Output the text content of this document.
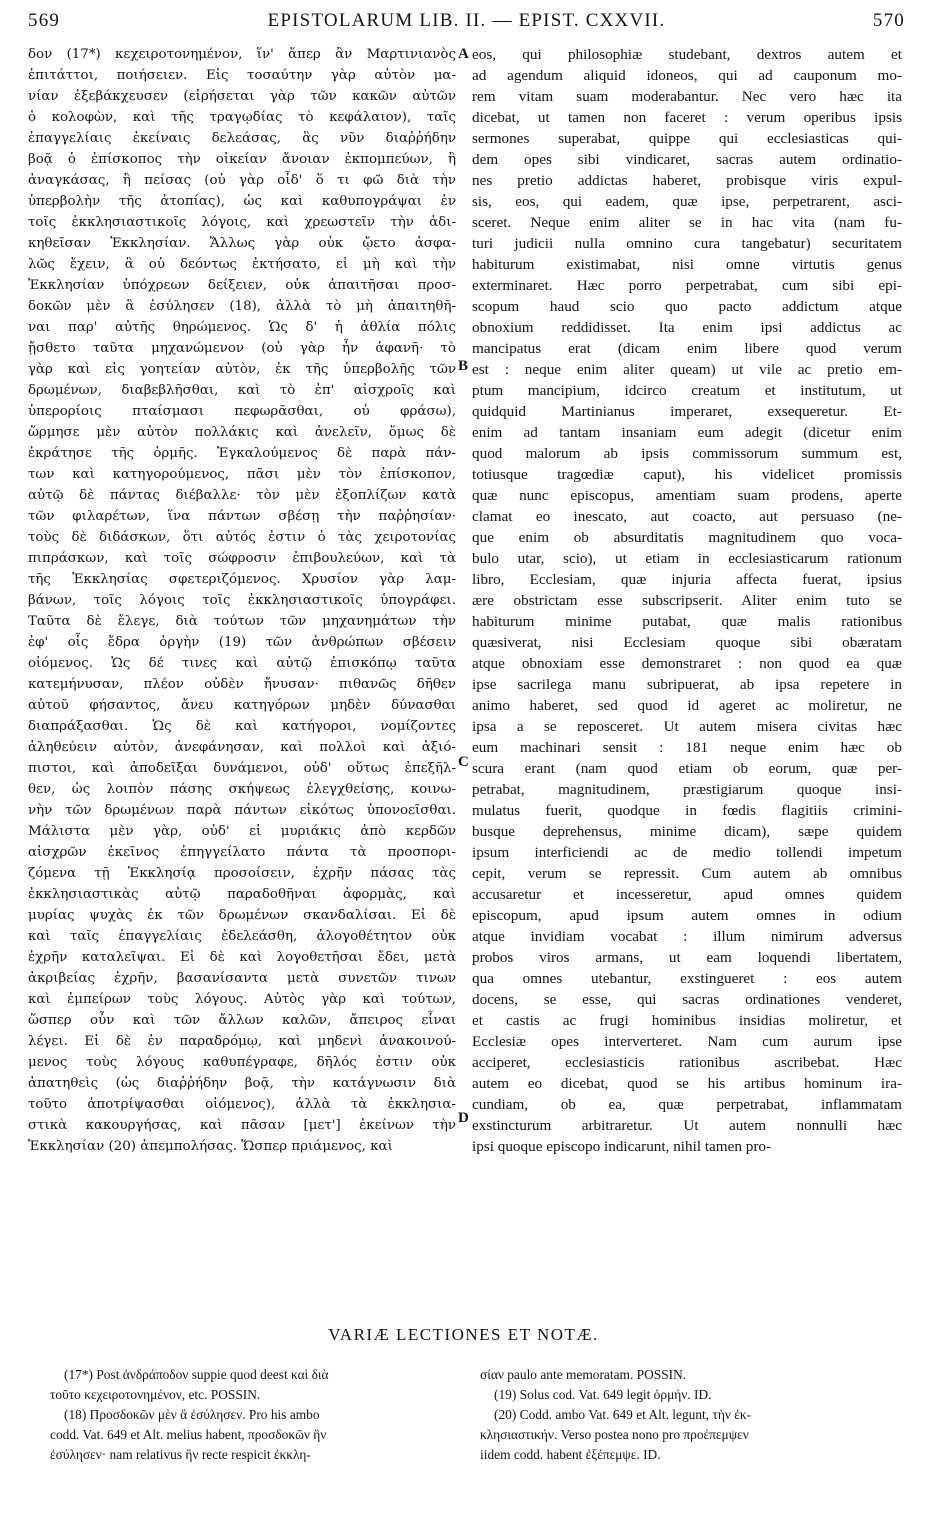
569	EPISTOLARUM LIB. II. — EPIST. CXXVII.	570
δον (17*) κεχειροτονημένον, ἵν' ἅπερ ἂν Μαρτινιανὸς
ἐπιτάττοι, ποιήσειεν. Εἰς τοσαύτην γὰρ αὐτὸν μα-
νίαν ἐξεβάκχευσεν (εἰρήσεται γὰρ τῶν κακῶν αὐτῶν
ὁ κολοφὼν, καὶ τῆς τραγῳδίας τὸ κεφάλαιον), ταῖς
ἐπαγγελίαις ἐκείναις δελεάσας, ἃς νῦν διαῤῥήδην
βοᾷ ὁ ἐπίσκοπος τὴν οἰκείαν ἄνοιαν ἐκπομπεύων, ἢ
ἀναγκάσας, ἢ πείσας (οὐ γὰρ οἶδ' ὅ τι φῶ διὰ τὴν
ὑπερβολὴν τῆς ἀτοπίας), ὡς καὶ καθυπογράψαι ἐν
τοῖς ἐκκλησιαστικοῖς λόγοις, καὶ χρεωστεῖν τὴν ἀδι-
κηθεῖσαν Ἐκκλησίαν. Ἄλλως γὰρ οὐκ ᾤετο ἀσφα-
λῶς ἔχειν, ἃ οὐ δεόντως ἐκτήσατο, εἰ μὴ καὶ τὴν
Ἐκκλησίαν ὑπόχρεων δείξειεν, οὐκ ἀπαιτῆσαι προσ-
δοκῶν μὲν ἃ ἐσύλησεν (18), ἀλλὰ τὸ μὴ ἀπαιτηθῆ-
ναι παρ' αὐτῆς θηρώμενος. Ὡς δ' ἡ ἀθλία πόλις
ᾔσθετο ταῦτα μηχανώμενον (οὐ γὰρ ἦν ἀφανῆ· τὸ
γὰρ καὶ εἰς γοητείαν αὐτὸν, ἐκ τῆς ὑπερβολῆς τῶν
δρωμένων, διαβεβλῆσθαι, καὶ τὸ ἐπ' αἰσχροῖς καὶ
ὑπερορίοις πταίσμασι πεφωρᾶσθαι, οὐ φράσω),
ὥρμησε μὲν αὐτὸν πολλάκις καὶ ἀνελεῖν, ὅμως δὲ
ἐκράτησε τῆς ὁρμῆς. Ἐγκαλούμενος δὲ παρὰ πάν-
των καὶ κατηγορούμενος, πᾶσι μὲν τὸν ἐπίσκοπον,
αὐτῷ δὲ πάντας διέβαλλε· τὸν μὲν ἐξοπλίζων κατὰ
τῶν φιλαρέτων, ἵνα πάντων σβέσῃ τὴν παῤῥησίαν·
τοὺς δὲ διδάσκων, ὅτι αὐτός ἐστιν ὁ τὰς χειροτονίας
πιπράσκων, καὶ τοῖς σώφροσιν ἐπιβουλεύων, καὶ τὰ
τῆς Ἐκκλησίας σφετεριζόμενος. Χρυσίον γὰρ λαμ-
βάνων, τοῖς λόγοις τοῖς ἐκκλησιαστικοῖς ὑπογράφει.
Ταῦτα δὲ ἔλεγε, διὰ τούτων τῶν μηχανημάτων τὴν
ἐφ' οἷς ἔδρα ὀργὴν (19) τῶν ἀνθρώπων σβέσειν
οἰόμενος. Ὡς δέ τινες καὶ αὐτῷ ἐπισκόπῳ ταῦτα
κατεμήνυσαν, πλέον οὐδὲν ἤνυσαν· πιθανῶς δῆθεν
αὐτοῦ φήσαντος, ἄνευ κατηγόρων μηδὲν δύνασθαι
διαπράξασθαι. Ὡς δὲ καὶ κατήγοροι, νομίζοντες
ἀληθεύειν αὐτὸν, ἀνεφάνησαν, καὶ πολλοὶ καὶ ἀξιό-
πιστοι, καὶ ἀποδεῖξαι δυνάμενοι, οὐδ' οὕτως ἐπεξῆλ-
θεν, ὡς λοιπὸν πάσης σκήψεως ἐλεγχθείσης, κοινω-
νὴν τῶν δρωμένων παρὰ πάντων εἰκότως ὑπονοεῖσθαι.
Μάλιστα μὲν γὰρ, οὐδ' εἰ μυριάκις ἀπὸ κερδῶν
αἰσχρῶν ἐκεῖνος ἐπηγγείλατο πάντα τὰ προσπορι-
ζόμενα τῇ Ἐκκλησίᾳ προσοίσειν, ἐχρῆν πάσας τὰς
ἐκκλησιαστικὰς αὐτῷ παραδοθῆναι ἀφορμὰς, καὶ
μυρίας ψυχὰς ἐκ τῶν δρωμένων σκανδαλίσαι. Εἰ δὲ
καὶ ταῖς ἐπαγγελίαις ἐδελεάσθη, ἀλογοθέτητον οὐκ
ἐχρῆν καταλεῖψαι. Εἰ δὲ καὶ λογοθετῆσαι ἔδει, μετὰ
ἀκριβείας ἐχρῆν, βασανίσαντα μετὰ συνετῶν τινων
καὶ ἐμπείρων τοὺς λόγους. Αὐτὸς γὰρ καὶ τούτων,
ὥσπερ οὖν καὶ τῶν ἄλλων καλῶν, ἄπειρος εἶναι
λέγει. Εἰ δὲ ἐν παραδρόμῳ, καὶ μηδενὶ ἀνακοινού-
μενος τοὺς λόγους καθυπέγραφε, δῆλός ἐστιν οὐκ
ἀπατηθεὶς (ὡς διαῤῥήδην βοᾷ, τὴν κατάγνωσιν διὰ
τοῦτο ἀποτρίψασθαι οἰόμενος), ἀλλὰ τὰ ἐκκλησια-
στικὰ κακουργήσας, καὶ πᾶσαν [μετ'] ἐκείνων τὴν
Ἐκκλησίαν (20) ἀπεμπολήσας. Ὥσπερ πριάμενος, καὶ
eos, qui philosophiæ studebant, dextros autem et
ad agendum aliquid idoneos, qui ad cauponum mo-
rem vitam suam moderabantur. Nec vero hæc ita
dicebat, ut tamen non faceret : verum operibus ipsis
sermones superabat, quippe qui ecclesiasticas qui-
dem opes sibi vindicaret, sacras autem ordinatio-
nes pretio addictas haberet, probisque viris expul-
sis, eos, qui eadem, quæ ipse, perpetrarent, asci-
sceret. Neque enim aliter se in hac vita (nam fu-
turi judicii nulla omnino cura tangebatur) securitatem
habiturum existimabat, nisi omne virtutis genus
exterminaret. Hæc porro perpetrabat, cum sibi epi-
scopum haud scio quo pacto addictum atque
obnoxium reddidisset. Ita enim ipsi addictus ac
mancipatus erat (dicam enim libere quod verum
est : neque enim aliter queam) ut vile ac pretio em-
ptum mancipium, idcirco creatum et institutum, ut
quidquid Martinianus imperaret, exsequeretur. Et-
enim ad tantam insaniam eum adegit (dicetur enim
quod malorum ab ipsis commissorum summum est,
totiusque tragœdiæ caput), his videlicet promissis
quæ nunc episcopus, amentiam suam prodens, aperte
clamat eo inescato, aut coacto, aut persuaso (ne-
que enim ob absurditatis magnitudinem quo voca-
bulo utar, scio), ut etiam in ecclesiasticarum rationum
libro, Ecclesiam, quæ injuria affecta fuerat, ipsius
ære obstrictam esse subscripserit. Aliter enim tuto se
habiturum minime putabat, quæ malis rationibus
quæsiverat, nisi Ecclesiam quoque sibi obæratam
atque obnoxiam esse demonstraret : non quod ea quæ
ipse sacrilega manu subripuerat, ab ipsa repetere in
animo haberet, sed quod id ageret ac moliretur, ne
ipsa a se reposceret. Ut autem misera civitas hæc
eum machinari sensit : 181 neque enim hæc ob
scura erant (nam quod etiam ob eorum, quæ per-
petrabat, magnitudinem, præstigiarum quoque insi-
mulatus fuerit, quodque in fœdis flagitiis crimini-
busque deprehensus, minime dicam), sæpe quidem
ipsum interficiendi ac de medio tollendi impetum
cepit, verum se repressit. Cum autem ab omnibus
accusaretur et incesseretur, apud omnes quidem
episcopum, apud ipsum autem omnes in odium
atque invidiam vocabat : illum nimirum adversus
probos viros armans, ut eam loquendi libertatem,
qua omnes utebantur, exstingueret : eos autem
docens, se esse, qui sacras ordinationes venderet,
et castis ac frugi hominibus insidias moliretur, et
Ecclesiæ opes interverteret. Nam cum aurum ipse
acciperet, ecclesiasticis rationibus ascribebat. Hæc
autem eo dicebat, quod se his artibus hominum ira-
cundiam, ob ea, quæ perpetrabat, inflammatam
exstincturum arbitraretur. Ut autem nonnulli hæc
ipsi quoque episcopo indicarunt, nihil tamen pro-
A
B
C
D
VARIÆ LECTIONES ET NOTÆ.
(17*) Post ἀνδράποδον suppie quod deest καὶ διὰ
τοῦτο κεχειροτονημένον, etc. POSSIN.
(18) Προσδοκῶν μὲν ἃ ἐσύλησεν. Pro his ambo
codd. Vat. 649 et Alt. melius habent, προσδοκῶν ἣν
ἐσύλησεν· nam relativus ἣν recte respicit ἐκκλη-
σίαν paulo ante memoratam. POSSIN.
(19) Solus cod. Vat. 649 legit ὀρμήν. ID.
(20) Codd. ambo Vat. 649 et Alt. legunt, τὴν ἐκ-
κλησιαστικήν. Verso postea nono pro προέπεμψεν
iidem codd. habent ἐξέπεμψε. ID.
